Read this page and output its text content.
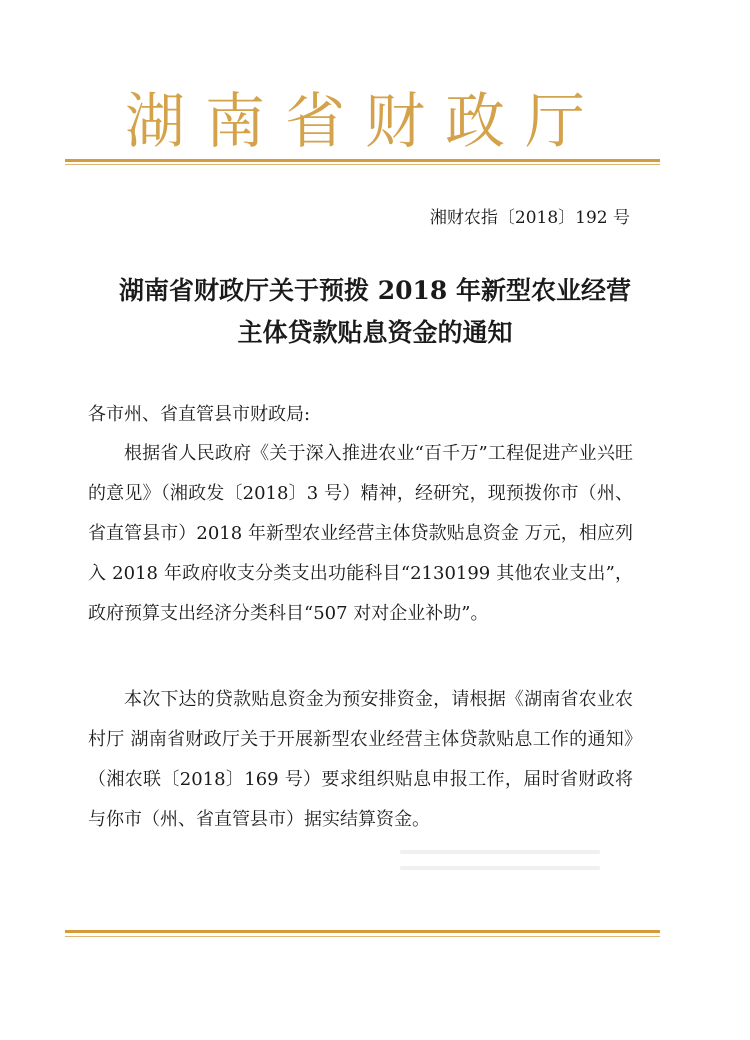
湖南省财政厅
湘财农指〔2018〕192 号
湖南省财政厅关于预拨 2018 年新型农业经营
主体贷款贴息资金的通知
各市州、省直管县市财政局:
根据省人民政府《关于深入推进农业“百千万”工程促进产业兴旺的意见》（湘政发〔2018〕3 号）精神，经研究，现预拨你市（州、省直管县市）2018 年新型农业经营主体贷款贴息资金 万元，相应列入 2018 年政府收支分类支出功能科目“2130199 其他农业支出”，政府预算支出经济分类科目“507 对对企业补助”。
本次下达的贷款贴息资金为预安排资金，请根据《湖南省农业农村厅 湖南省财政厅关于开展新型农业经营主体贷款贴息工作的通知》（湘农联〔2018〕169 号）要求组织贴息申报工作，届时省财政将与你市（州、省直管县市）据实结算资金。
